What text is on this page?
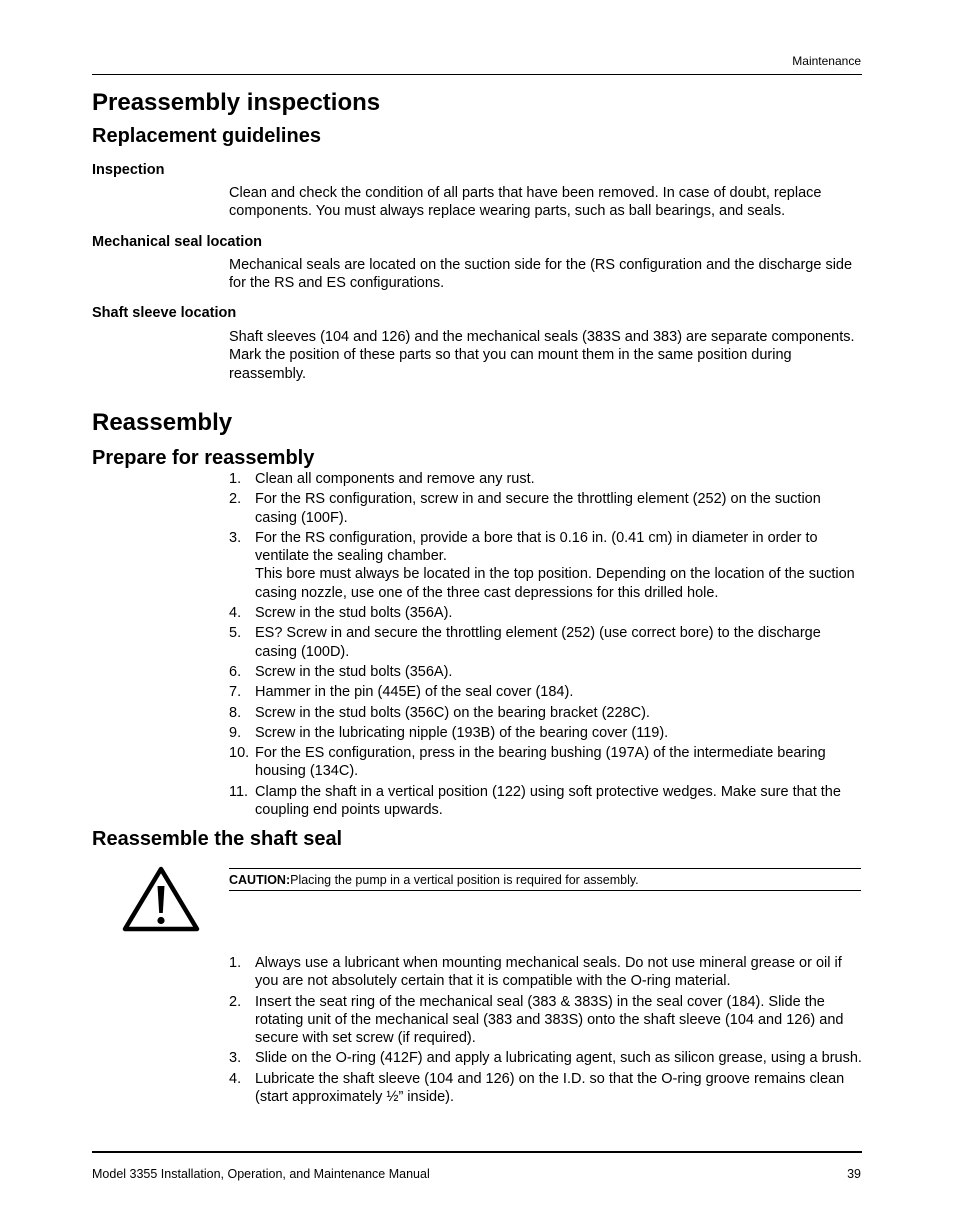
Maintenance
Preassembly inspections
Replacement guidelines
Inspection

Clean and check the condition of all parts that have been removed. In case of doubt, replace components. You must always replace wearing parts, such as ball bearings, and seals.

Mechanical seal location

Mechanical seals are located on the suction side for the (RS configuration and the discharge side for the RS and ES configurations.

Shaft sleeve location

Shaft sleeves (104 and 126) and the mechanical seals (383S and 383) are separate components. Mark the position of these parts so that you can mount them in the same position during reassembly.

Reassembly
Prepare for reassembly
1. Clean all components and remove any rust.
2. For the RS configuration, screw in and secure the throttling element (252) on the suction casing (100F).
3. For the RS configuration, provide a bore that is 0.16 in. (0.41 cm) in diameter in order to ventilate the sealing chamber.
This bore must always be located in the top position. Depending on the location of the suction casing nozzle, use one of the three cast depressions for this drilled hole.
4. Screw in the stud bolts (356A).
5. ES? Screw in and secure the throttling element (252) (use correct bore) to the discharge casing (100D).
6. Screw in the stud bolts (356A).
7. Hammer in the pin (445E) of the seal cover (184).
8. Screw in the stud bolts (356C) on the bearing bracket (228C).
9. Screw in the lubricating nipple (193B) of the bearing cover (119).
10. For the ES configuration, press in the bearing bushing (197A) of the intermediate bearing housing (134C).
11. Clamp the shaft in a vertical position (122) using soft protective wedges. Make sure that the coupling end points upwards.
Reassemble the shaft seal
CAUTION:Placing the pump in a vertical position is required for assembly.
1. Always use a lubricant when mounting mechanical seals. Do not use mineral grease or oil if you are not absolutely certain that it is compatible with the O-ring material.
2. Insert the seat ring of the mechanical seal (383 & 383S) in the seal cover (184). Slide the rotating unit of the mechanical seal (383 and 383S) onto the shaft sleeve (104 and 126) and secure with set screw (if required).
3. Slide on the O-ring (412F) and apply a lubricating agent, such as silicon grease, using a brush.
4. Lubricate the shaft sleeve (104 and 126) on the I.D. so that the O-ring groove remains clean (start approximately ½” inside).
Model 3355 Installation, Operation, and Maintenance Manual	39
